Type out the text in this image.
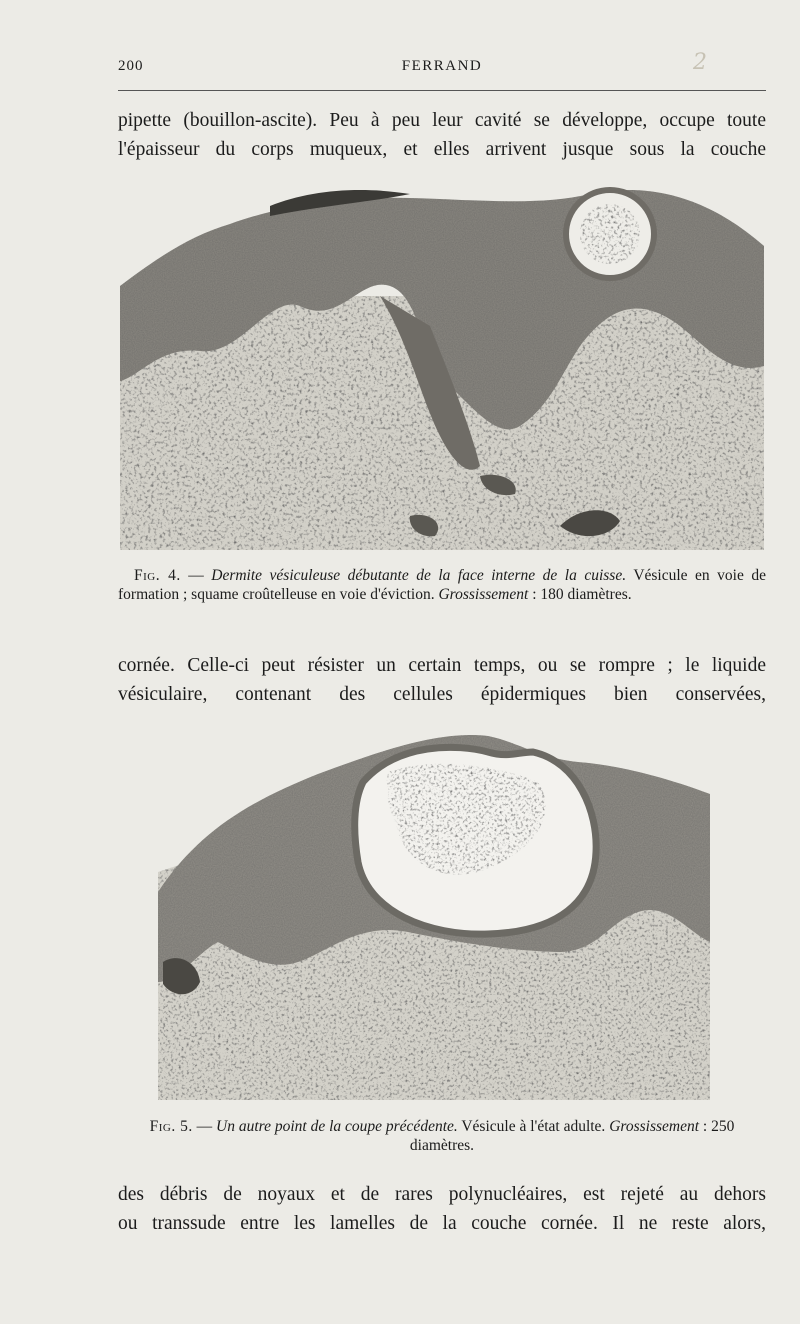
200	FERRAND	2

pipette (bouillon-ascite). Peu à peu leur cavité se développe, occupe toute
l'épaisseur du corps muqueux, et elles arrivent jusque sous la couche

Fig. 4. — Dermite vésiculeuse débutante de la face interne de la cuisse. Vésicule en voie de formation ; squame croûtelleuse en voie d'éviction. Grossissement : 180 diamètres.

cornée. Celle-ci peut résister un certain temps, ou se rompre ; le liquide
vésiculaire, contenant des cellules épidermiques bien conservées,

Fig. 5. — Un autre point de la coupe précédente. Vésicule à l'état adulte. Grossissement : 250 diamètres.

des débris de noyaux et de rares polynucléaires, est rejeté au dehors
ou transsude entre les lamelles de la couche cornée. Il ne reste alors,
